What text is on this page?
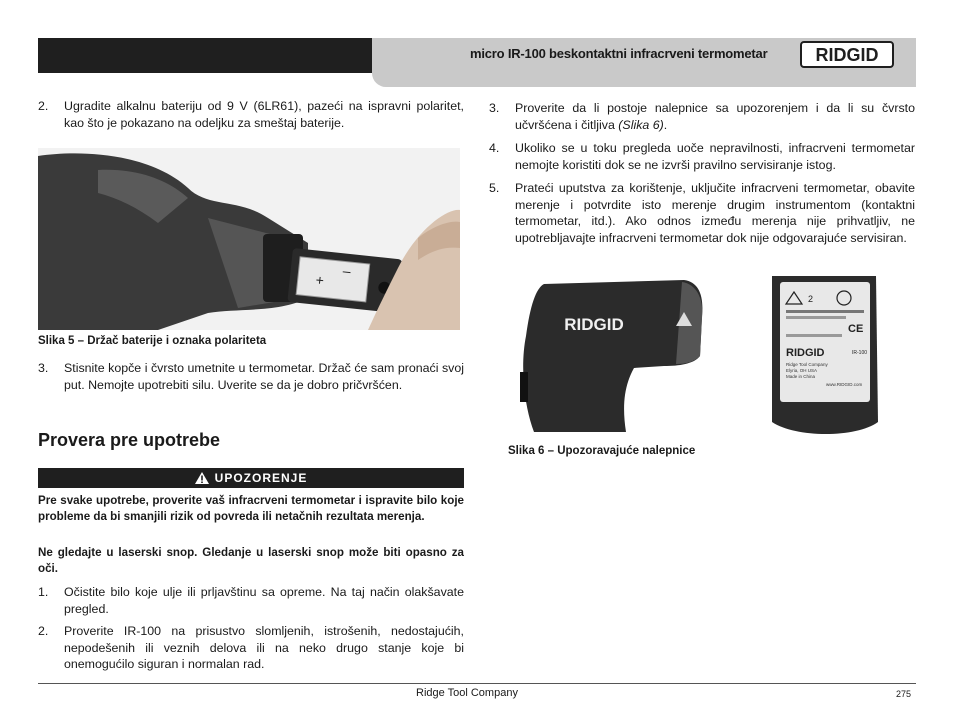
micro IR-100 beskontaktni infracrveni termometar	RIDGID
2. Ugradite alkalnu bateriju od 9 V (6LR61), pazeći na ispravni polaritet, kao što je pokazano na odeljku za smeštaj baterije.
+
–
Slika 5 – Držač baterije i oznaka polariteta
3. Stisnite kopče i čvrsto umetnite u termometar. Držač će sam pronaći svoj put. Nemojte upotrebiti silu. Uverite se da je dobro pričvršćen.
Provera pre upotrebe
UPOZORENJE
Pre svake upotrebe, proverite vaš infracrveni termometar i ispravite bilo koje probleme da bi smanjili rizik od povreda ili netačnih rezultata merenja.
Ne gledajte u laserski snop. Gledanje u laserski snop može biti opasno za oči.
1. Očistite bilo koje ulje ili prljavštinu sa opreme. Na taj način olakšavate pregled.
2. Proverite IR-100 na prisustvo slomljenih, istrošenih, nedostajućih, nepodešenih ili veznih delova ili na neko drugo stanje koje bi onemogućilo siguran i normalan rad.
3. Proverite da li postoje nalepnice sa upozorenjem i da li su čvrsto učvršćena i čitljiva (Slika 6).
4. Ukoliko se u toku pregleda uoče nepravilnosti, infracrveni termometar nemojte koristiti dok se ne izvrši pravilno servisiranje istog.
5. Prateći uputstva za korištenje, uključite infracrveni termometar, obavite merenje i potvrdite isto merenje drugim instrumentom (kontaktni termometar, itd.). Ako odnos između merenja nije prihvatljiv, ne upotrebljavajte infracrveni termometar dok nije odgovarajuće servisiran.
RIDGID
2
CE
RIDGID	IR-100
Ridge Tool Company
Elyria, OH USA
Made in China
www.RIDGID.com
Slika 6 – Upozoravajuće nalepnice
Ridge Tool Company	275
